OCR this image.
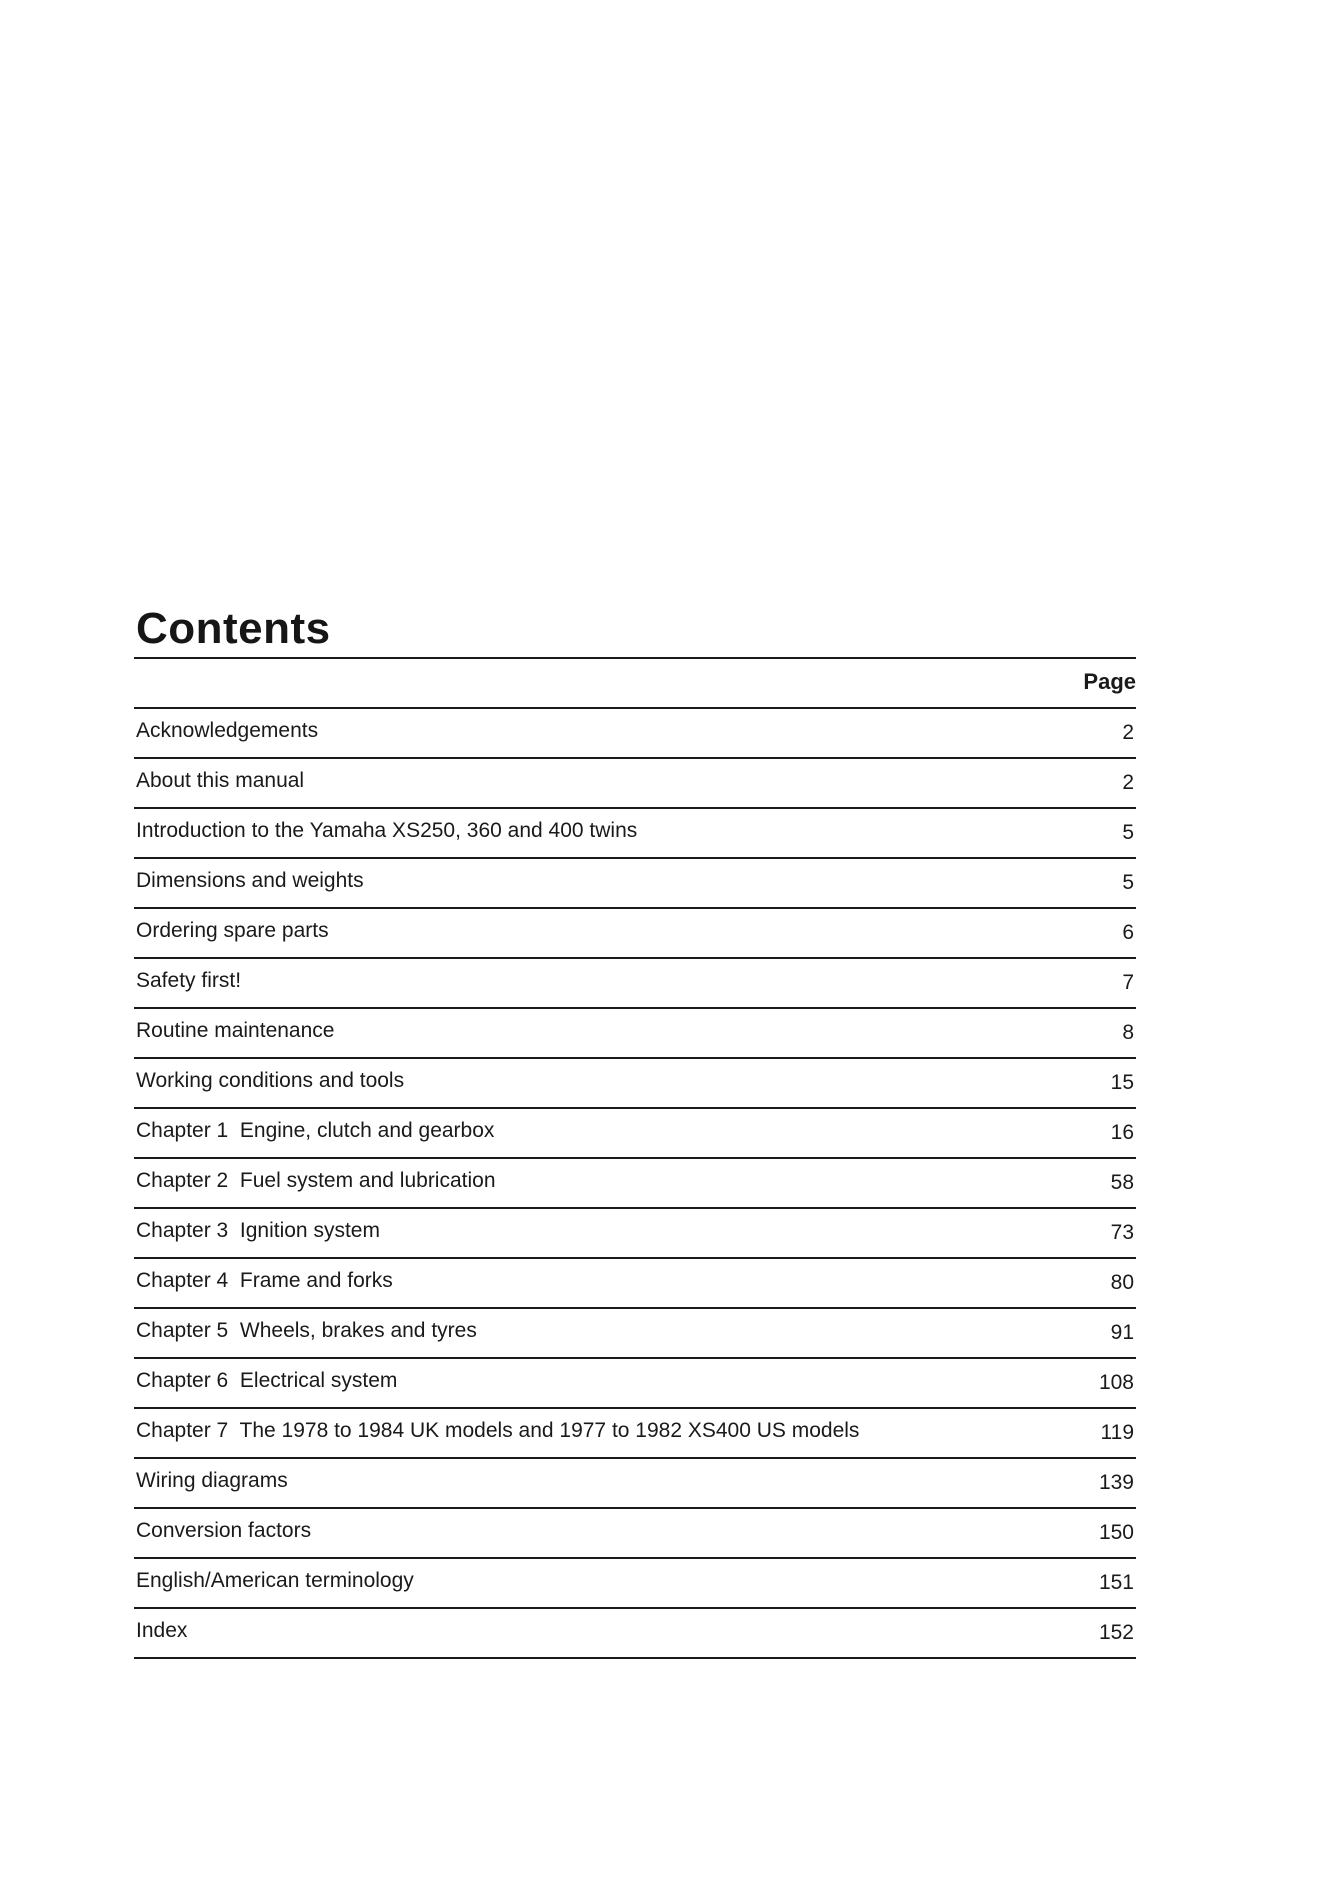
Contents
Page
Acknowledgements	2
About this manual	2
Introduction to the Yamaha XS250, 360 and 400 twins	5
Dimensions and weights	5
Ordering spare parts	6
Safety first!	7
Routine maintenance	8
Working conditions and tools	15
Chapter 1  Engine, clutch and gearbox	16
Chapter 2  Fuel system and lubrication	58
Chapter 3  Ignition system	73
Chapter 4  Frame and forks	80
Chapter 5  Wheels, brakes and tyres	91
Chapter 6  Electrical system	108
Chapter 7  The 1978 to 1984 UK models and 1977 to 1982 XS400 US models	119
Wiring diagrams	139
Conversion factors	150
English/American terminology	151
Index	152
